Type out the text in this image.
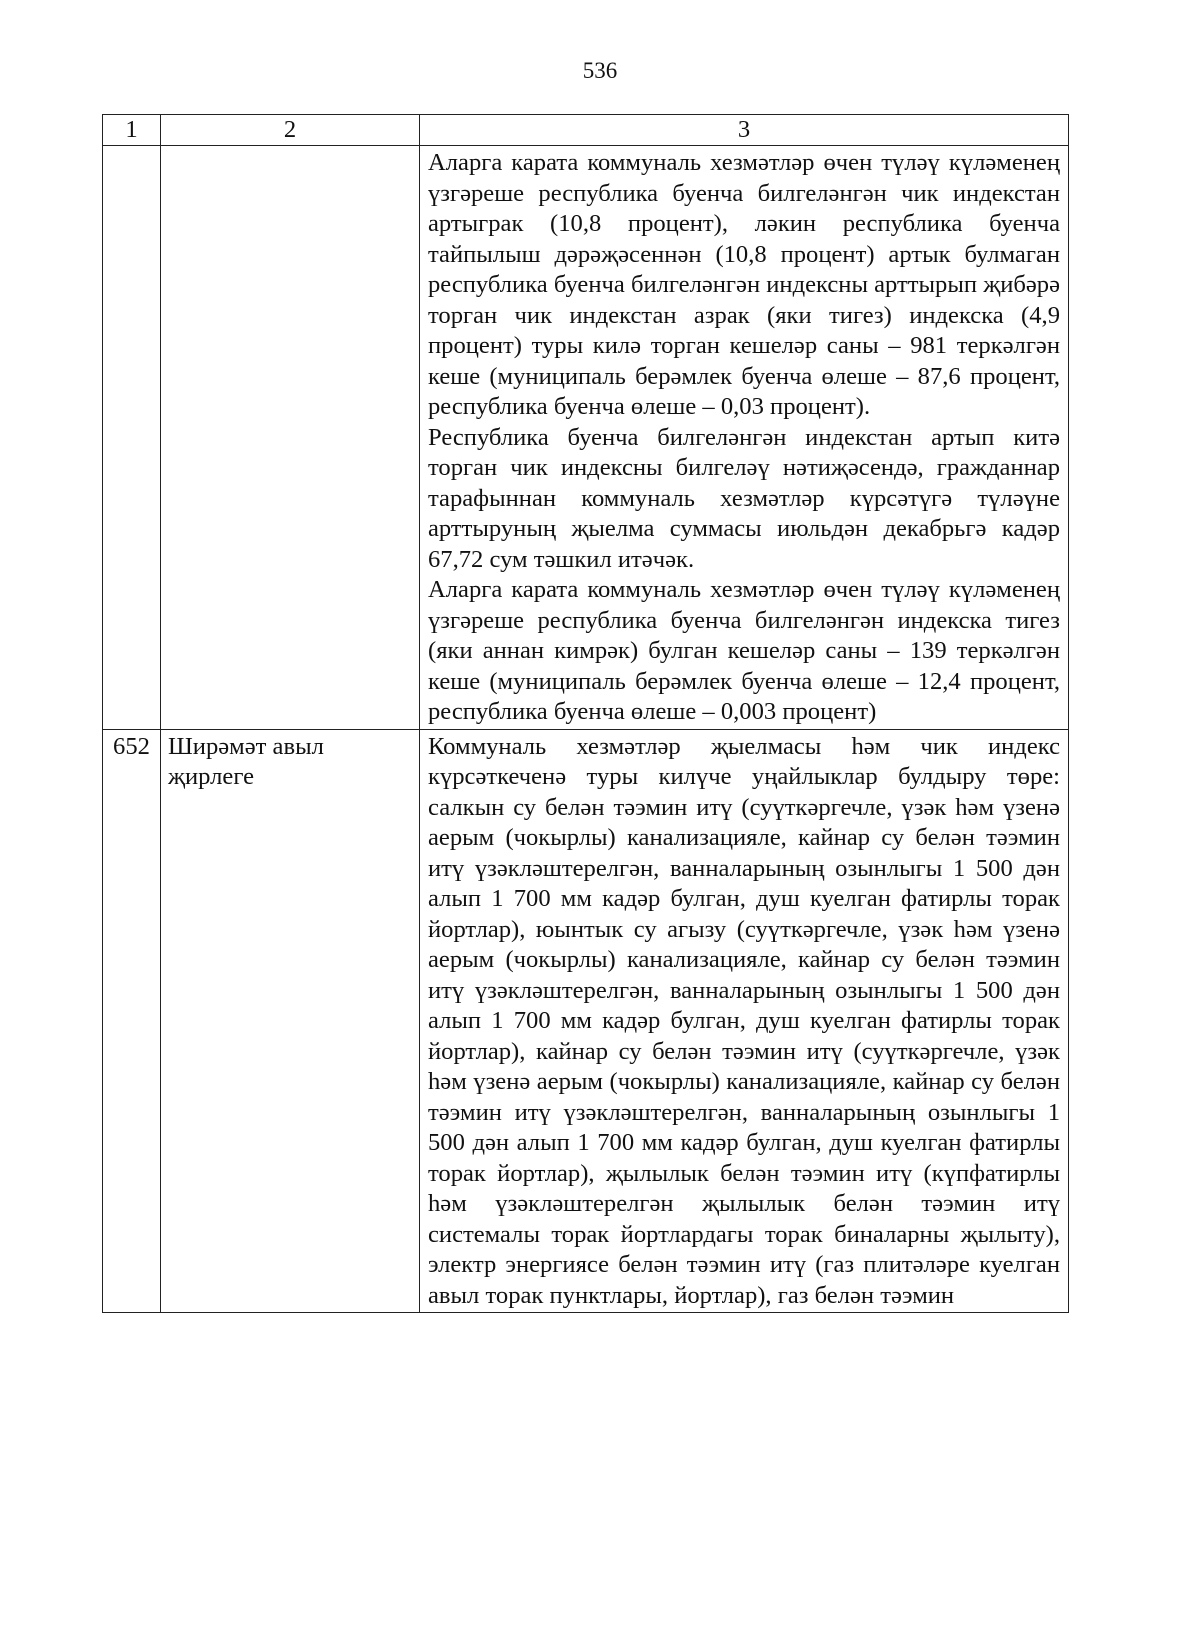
536
1	2	3

		Аларга карата коммуналь хезмәтләр өчен түләү күләменең үзгәреше республика буенча билгеләнгән чик индекстан артыграк (10,8 процент), ләкин республика буенча тайпылыш дәрәҗәсеннән (10,8 процент) артык булмаган республика буенча билгеләнгән индексны арттырып җибәрә торган чик индекстан азрак (яки тигез) индекска (4,9 процент) туры килә торган кешеләр саны – 981 теркәлгән кеше (муниципаль берәмлек буенча өлеше – 87,6 процент, республика буенча өлеше – 0,03 процент).

Республика буенча билгеләнгән индекстан артып китә торган чик индексны билгеләү нәтиҗәсендә, гражданнар тарафыннан коммуналь хезмәтләр күрсәтүгә түләүне арттыруның җыелма суммасы июльдән декабрьгә кадәр 67,72 сум тәшкил итәчәк.

Аларга карата коммуналь хезмәтләр өчен түләү күләменең үзгәреше республика буенча билгеләнгән индекска тигез (яки аннан кимрәк) булган кешеләр саны – 139 теркәлгән кеше (муниципаль берәмлек буенча өлеше – 12,4 процент, республика буенча өлеше – 0,003 процент)

652	Ширәмәт авыл җирлеге	Коммуналь хезмәтләр җыелмасы һәм чик индекс күрсәткеченә туры килүче уңайлыклар булдыру төре: салкын су белән тәэмин итү (суүткәргечле, үзәк һәм үзенә аерым (чокырлы) канализацияле, кайнар су белән тәэмин итү үзәкләштерелгән, ванналарының озынлыгы 1 500 дән алып 1 700 мм кадәр булган, душ куелган фатирлы торак йортлар), юынтык су агызу (суүткәргечле, үзәк һәм үзенә аерым (чокырлы) канализацияле, кайнар су белән тәэмин итү үзәкләштерелгән, ванналарының озынлыгы 1 500 дән алып 1 700 мм кадәр булган, душ куелган фатирлы торак йортлар), кайнар су белән тәэмин итү (суүткәргечле, үзәк һәм үзенә аерым (чокырлы) канализацияле, кайнар су белән тәэмин итү үзәкләштерелгән, ванналарының озынлыгы 1 500 дән алып 1 700 мм кадәр булган, душ куелган фатирлы торак йортлар), җылылык белән тәэмин итү (күпфатирлы һәм үзәкләштерелгән җылылык белән тәэмин итү системалы торак йортлардагы торак биналарны җылыту), электр энергиясе белән тәэмин итү (газ плитәләре куелган авыл торак пунктлары, йортлар), газ белән тәэмин
